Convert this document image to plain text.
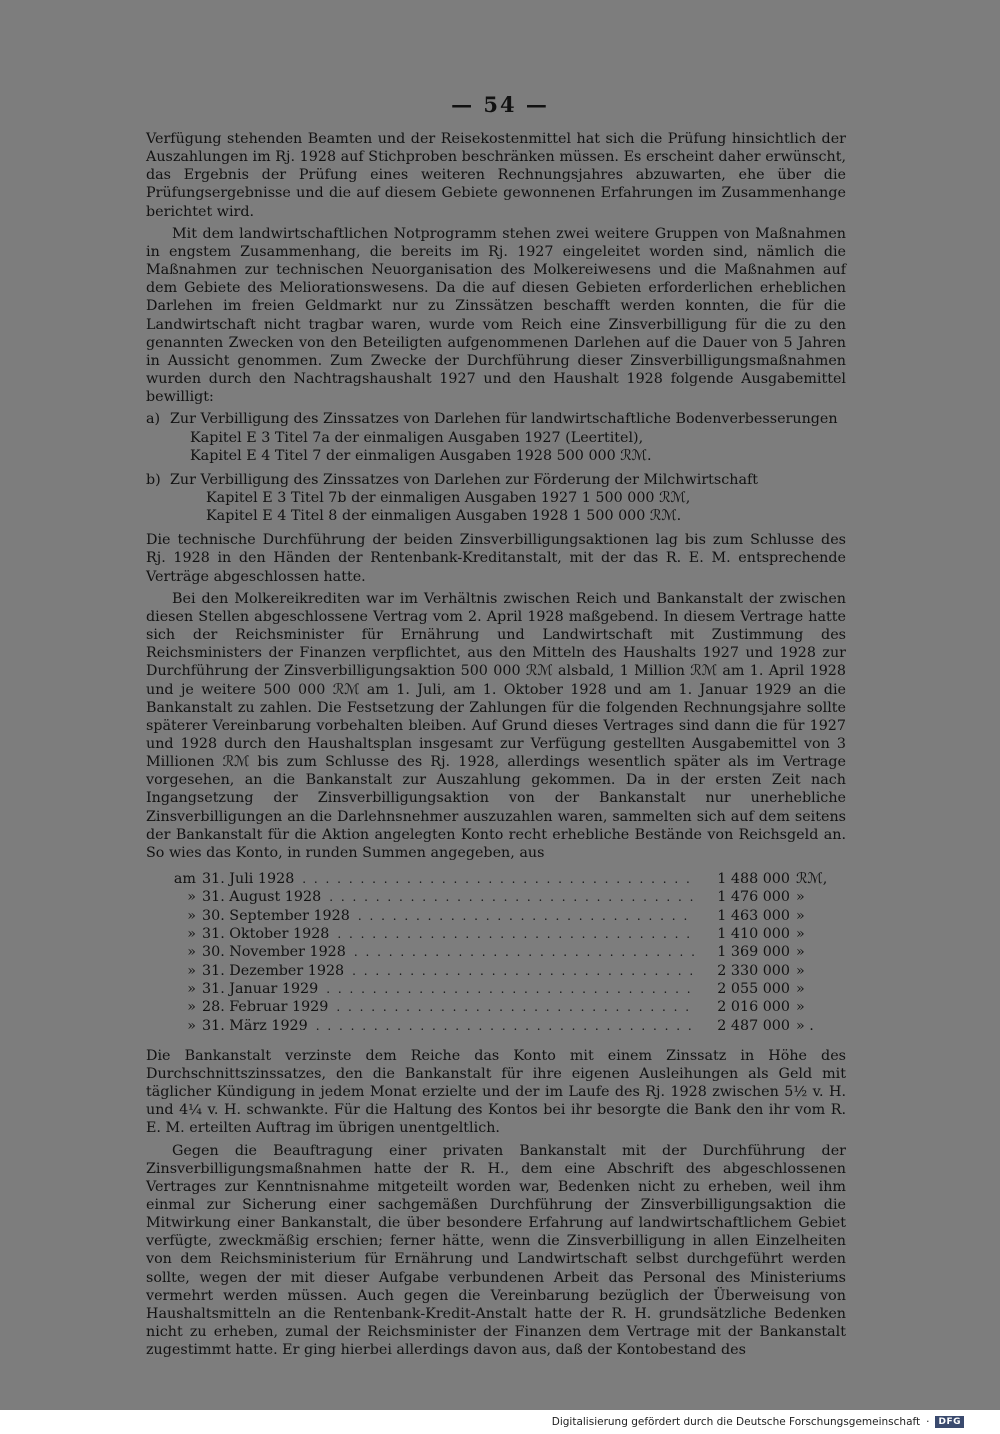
— 54 —

Verfügung stehenden Beamten und der Reisekostenmittel hat sich die Prüfung hinsichtlich der Auszahlungen im Rj. 1928 auf Stichproben beschränken müssen. Es erscheint daher erwünscht, das Ergebnis der Prüfung eines weiteren Rechnungsjahres abzuwarten, ehe über die Prüfungsergebnisse und die auf diesem Gebiete gewonnenen Erfahrungen im Zusammenhange berichtet wird.

Mit dem landwirtschaftlichen Notprogramm stehen zwei weitere Gruppen von Maßnahmen in engstem Zusammenhang, die bereits im Rj. 1927 eingeleitet worden sind, nämlich die Maßnahmen zur technischen Neuorganisation des Molkereiwesens und die Maßnahmen auf dem Gebiete des Meliorationswesens. Da die auf diesen Gebieten erforderlichen erheblichen Darlehen im freien Geldmarkt nur zu Zinssätzen beschafft werden konnten, die für die Landwirtschaft nicht tragbar waren, wurde vom Reich eine Zinsverbilligung für die zu den genannten Zwecken von den Beteiligten aufgenommenen Darlehen auf die Dauer von 5 Jahren in Aussicht genommen. Zum Zwecke der Durchführung dieser Zinsverbilligungsmaßnahmen wurden durch den Nachtragshaushalt 1927 und den Haushalt 1928 folgende Ausgabemittel bewilligt:

a) Zur Verbilligung des Zinssatzes von Darlehen für landwirtschaftliche Bodenverbesserungen
Kapitel E 3 Titel 7a der einmaligen Ausgaben 1927 (Leertitel),
Kapitel E 4 Titel 7 der einmaligen Ausgaben 1928 500 000 ℛℳ.
b) Zur Verbilligung des Zinssatzes von Darlehen zur Förderung der Milchwirtschaft
Kapitel E 3 Titel 7b der einmaligen Ausgaben 1927 1 500 000 ℛℳ,
Kapitel E 4 Titel 8 der einmaligen Ausgaben 1928 1 500 000 ℛℳ.

Die technische Durchführung der beiden Zinsverbilligungsaktionen lag bis zum Schlusse des Rj. 1928 in den Händen der Rentenbank-Kreditanstalt, mit der das R. E. M. entsprechende Verträge abgeschlossen hatte.

Bei den Molkereikrediten war im Verhältnis zwischen Reich und Bankanstalt der zwischen diesen Stellen abgeschlossene Vertrag vom 2. April 1928 maßgebend. In diesem Vertrage hatte sich der Reichsminister für Ernährung und Landwirtschaft mit Zustimmung des Reichsministers der Finanzen verpflichtet, aus den Mitteln des Haushalts 1927 und 1928 zur Durchführung der Zinsverbilligungsaktion 500 000 ℛℳ alsbald, 1 Million ℛℳ am 1. April 1928 und je weitere 500 000 ℛℳ am 1. Juli, am 1. Oktober 1928 und am 1. Januar 1929 an die Bankanstalt zu zahlen. Die Festsetzung der Zahlungen für die folgenden Rechnungsjahre sollte späterer Vereinbarung vorbehalten bleiben. Auf Grund dieses Vertrages sind dann die für 1927 und 1928 durch den Haushaltsplan insgesamt zur Verfügung gestellten Ausgabemittel von 3 Millionen ℛℳ bis zum Schlusse des Rj. 1928, allerdings wesentlich später als im Vertrage vorgesehen, an die Bankanstalt zur Auszahlung gekommen. Da in der ersten Zeit nach Ingangsetzung der Zinsverbilligungsaktion von der Bankanstalt nur unerhebliche Zinsverbilligungen an die Darlehnsnehmer auszuzahlen waren, sammelten sich auf dem seitens der Bankanstalt für die Aktion angelegten Konto recht erhebliche Bestände von Reichsgeld an. So wies das Konto, in runden Summen angegeben, aus

am 31. Juli 1928 . . .	1 488 000 ℛℳ,
» 31. August 1928 . . .	1 476 000 »
» 30. September 1928 . . .	1 463 000 »
» 31. Oktober 1928 . . .	1 410 000 »
» 30. November 1928 . . .	1 369 000 »
» 31. Dezember 1928 . . .	2 330 000 »
» 31. Januar 1929 . . .	2 055 000 »
» 28. Februar 1929 . . .	2 016 000 »
» 31. März 1929 . . .	2 487 000 » .

Die Bankanstalt verzinste dem Reiche das Konto mit einem Zinssatz in Höhe des Durchschnittszinssatzes, den die Bankanstalt für ihre eigenen Ausleihungen als Geld mit täglicher Kündigung in jedem Monat erzielte und der im Laufe des Rj. 1928 zwischen 5½ v. H. und 4¼ v. H. schwankte. Für die Haltung des Kontos bei ihr besorgte die Bank den ihr vom R. E. M. erteilten Auftrag im übrigen unentgeltlich.

Gegen die Beauftragung einer privaten Bankanstalt mit der Durchführung der Zinsverbilligungsmaßnahmen hatte der R. H., dem eine Abschrift des abgeschlossenen Vertrages zur Kenntnisnahme mitgeteilt worden war, Bedenken nicht zu erheben, weil ihm einmal zur Sicherung einer sachgemäßen Durchführung der Zinsverbilligungsaktion die Mitwirkung einer Bankanstalt, die über besondere Erfahrung auf landwirtschaftlichem Gebiet verfügte, zweckmäßig erschien; ferner hätte, wenn die Zinsverbilligung in allen Einzelheiten von dem Reichsministerium für Ernährung und Landwirtschaft selbst durchgeführt werden sollte, wegen der mit dieser Aufgabe verbundenen Arbeit das Personal des Ministeriums vermehrt werden müssen. Auch gegen die Vereinbarung bezüglich der Überweisung von Haushaltsmitteln an die Rentenbank-Kredit-Anstalt hatte der R. H. grundsätzliche Bedenken nicht zu erheben, zumal der Reichsminister der Finanzen dem Vertrage mit der Bankanstalt zugestimmt hatte. Er ging hierbei allerdings davon aus, daß der Kontobestand des

Digitalisierung gefördert durch die Deutsche Forschungsgemeinschaft ·	DFG
